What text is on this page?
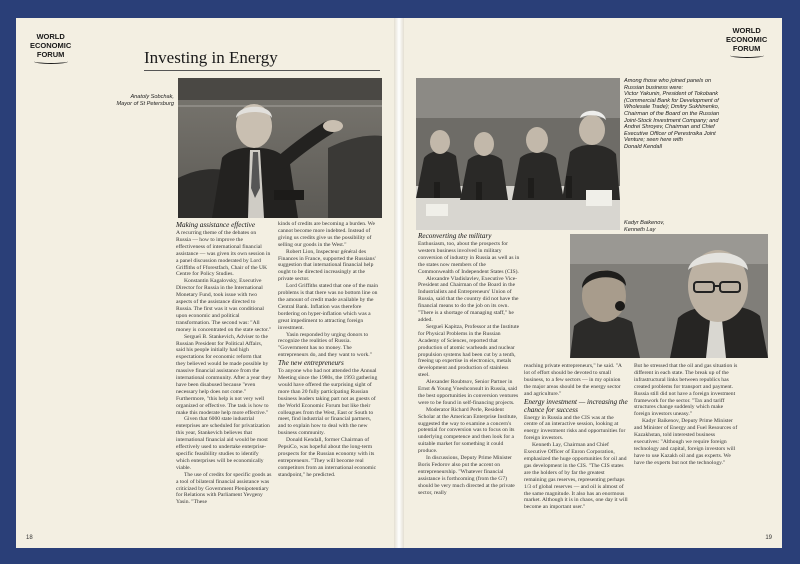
WORLD
ECONOMIC
FORUM	Investing in Energy
Anatoly Sobchak,
Mayor of St Petersburg
Making assistance effective

A recurring theme of the debates on Russia — how to improve the effectiveness of international financial assistance — was given its own session in a panel discussion moderated by Lord Griffiths of Fforestfach, Chair of the UK Centre for Policy Studies.

Konstantin Kagalovsky, Executive Director for Russia in the International Monetary Fund, took issue with two aspects of the assistance directed to Russia. The first was it was conditional upon economic and political transformation. The second was: "All money is concentrated on the state sector."

Sergueï B. Stankevich, Adviser to the Russian President for Political Affairs, said his people initially had high expectations for economic reform that they believed would be made possible by massive financial assistance from the international community. After a year they have been disabused because "even necessary help does not come." Furthermore, "this help is not very well organized or effective. The task is how to make this moderate help more effective."

Given that 6000 state industrial enterprises are scheduled for privatization this year, Stankevich believes that international financial aid would be most effectively used to undertake enterprise-specific feasibility studies to identify which enterprises will be economically viable.

The use of credits for specific goods as a tool of bilateral financial assistance was criticized by Government Plenipotentiary for Relations with Parliament Yevgeny Yasin. "These

kinds of credits are becoming a burden. We cannot become more indebted. Instead of giving us credits give us the possibility of selling our goods in the West."

Robert Lion, Inspecteur général des Finances in France, supported the Russians' suggestion that international financial help ought to be directed increasingly at the private sector.

Lord Griffiths stated that one of the main problems is that there was no bottom line on the amount of credit made available by the Central Bank. Inflation was therefore bordering on hyper-inflation which was a great impediment to attracting foreign investment.

Yasin responded by urging donors to recognize the realities of Russia. "Government has no money. The entrepreneurs do, and they want to work."

The new entrepreneurs

To anyone who had not attended the Annual Meeting since the 1980s, the 1993 gathering would have offered the surprising sight of more than 20 fully participating Russian business leaders taking part not as guests of the World Economic Forum but like their colleagues from the West, East or South to meet, find industrial or financial partners, and to explain how to deal with the new business community.

Donald Kendall, former Chairman of PepsiCo, was hopeful about the long-term prospects for the Russian economy with its entrepreneurs. "They will become real competitors from an international economic standpoint," he predicted.

18
WORLD
ECONOMIC
FORUM
Among those who joined panels on
Russian business were:
Victor Yakunin, President of Tokobank
(Commercial Bank for Development of
Wholesale Trade); Dmitry Sukhinenko,
Chairman of the Board on the Russian
Joint-Stock Investment Company; and
Andrei Shroyev, Chairman and Chief
Executive Officer of Perestroika Joint
Venture; seen here with
Donald Kendall
Kadyr Baikenov,
Kenneth Lay
Reconverting the military

Enthusiasm, too, about the prospects for western business involved in military conversion of industry in Russia as well as in the states now members of the Commonwealth of Independent States (CIS).

Alexandre Vladislavlev, Executive Vice-President and Chairman of the Board in the Industrialists and Entrepreneurs' Union of Russia, said that the country did not have the financial means to do the job on its own. "There is a shortage of managing staff," he added.

Sergueï Kapitza, Professor at the Institute for Physical Problems in the Russian Academy of Sciences, reported that production of atomic warheads and nuclear propulsion systems had been cut by a tenth, freeing up expertise in electronics, metals development and production of stainless steel.

Alexander Roubtsov, Senior Partner in Ernst & Young Vneshconsult in Russia, said the best opportunities in conversion ventures were to be found in self-financing projects.

Moderator Richard Perle, Resident Scholar at the American Enterprise Institute, suggested the way to examine a concern's potential for conversion was to focus on its underlying competence and then look for a suitable market for something it could produce.

In discussions, Deputy Prime Minister Boris Fedorov also put the accent on entrepreneurship. "Whatever financial assistance is forthcoming (from the G7) should be very much directed at the private sector, really

reaching private entrepreneurs," he said. "A lot of effort should be devoted to small business, to a few sectors — in my opinion the major areas should be the energy sector and agriculture."

Energy investment — increasing the chance for success

Energy in Russia and the CIS was at the centre of an interactive session, looking at energy investment risks and opportunities for foreign investors.

Kenneth Lay, Chairman and Chief Executive Officer of Enron Corporation, emphasized the huge opportunities for oil and gas development in the CIS. "The CIS states are the holders of by far the greatest remaining gas reserves, representing perhaps 1/3 of global reserves — and oil is almost of the same magnitude. It also has an enormous market. Although it is in chaos, one day it will become an important user."

But he stressed that the oil and gas situation is different in each state. The break up of the infrastructural links between republics has created problems for transport and payment. Russia still did not have a foreign investment framework for the sector. "Tax and tariff structures change suddenly which make foreign investors uneasy."

Kadyr Baikenov, Deputy Prime Minister and Minister of Energy and Fuel Resources of Kazakhstan, told interested business executives: "Although we require foreign technology and capital, foreign investors will have to use Kazakh oil and gas experts. We have the experts but not the technology."

19
